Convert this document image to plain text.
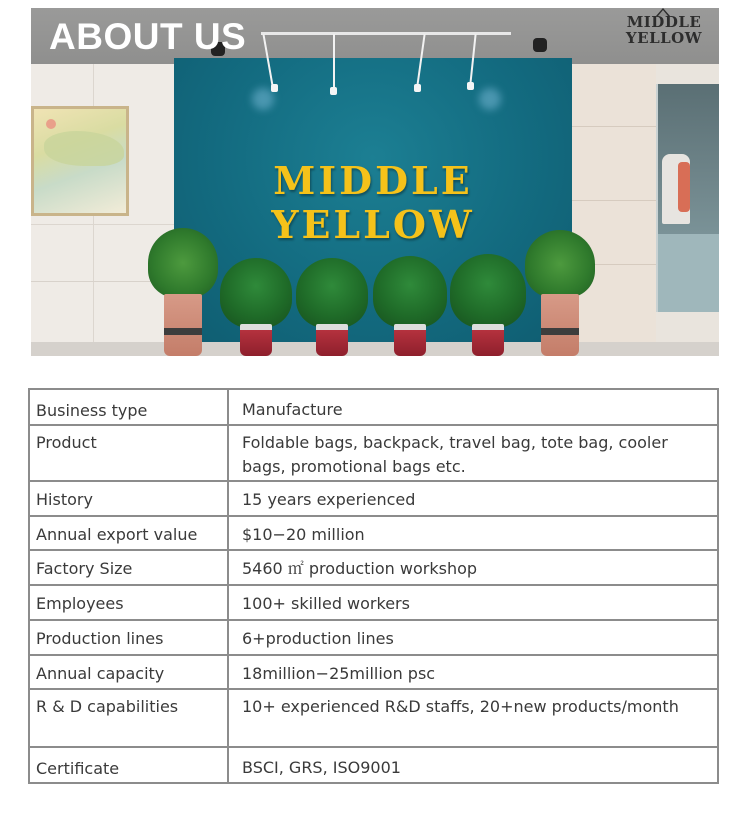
MIDDLE
YELLOW
ABOUT US	MIDDLE
YELLOW
Business type	Manufacture

Product	Foldable bags, backpack, travel bag, tote bag, cooler bags, promotional bags etc.

History	15 years experienced

Annual export value	$10−20 million

Factory Size	5460 ㎡ production workshop

Employees	100+ skilled workers

Production lines	6+production lines

Annual capacity	18million−25million psc

R & D capabilities	10+ experienced R&D staffs, 20+new products/month

Certificate	BSCI, GRS, ISO9001
